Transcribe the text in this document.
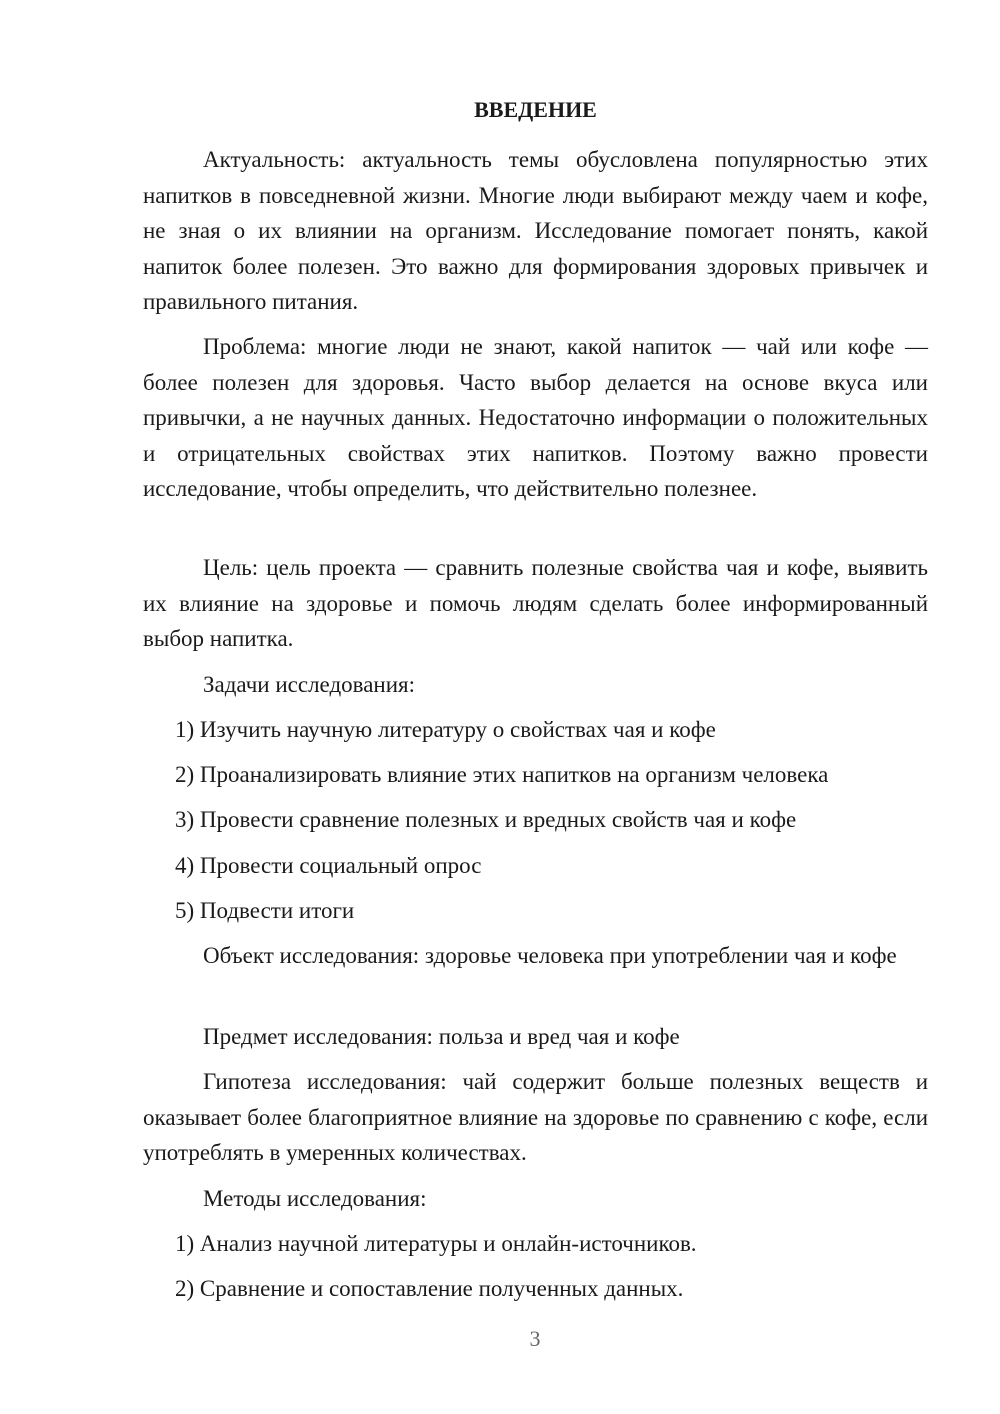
ВВЕДЕНИЕ

Актуальность: актуальность темы обусловлена популярностью этих напитков в повседневной жизни. Многие люди выбирают между чаем и кофе, не зная о их влиянии на организм. Исследование помогает понять, какой напиток более полезен. Это важно для формирования здоровых привычек и правильного питания.

Проблема: многие люди не знают, какой напиток — чай или кофе — более полезен для здоровья. Часто выбор делается на основе вкуса или привычки, а не научных данных. Недостаточно информации о положительных и отрицательных свойствах этих напитков. Поэтому важно провести исследование, чтобы определить, что действительно полезнее.

Цель: цель проекта — сравнить полезные свойства чая и кофе, выявить их влияние на здоровье и помочь людям сделать более информированный выбор напитка.

Задачи исследования:

1) Изучить научную литературу о свойствах чая и кофе

2) Проанализировать влияние этих напитков на организм человека

3) Провести сравнение полезных и вредных свойств чая и кофе

4) Провести социальный опрос

5) Подвести итоги

Объект исследования: здоровье человека при употреблении чая и кофе

Предмет исследования: польза и вред чая и кофе

Гипотеза исследования: чай содержит больше полезных веществ и оказывает более благоприятное влияние на здоровье по сравнению с кофе, если употреблять в умеренных количествах.

Методы исследования:

1) Анализ научной литературы и онлайн-источников.

2) Сравнение и сопоставление полученных данных.

3
